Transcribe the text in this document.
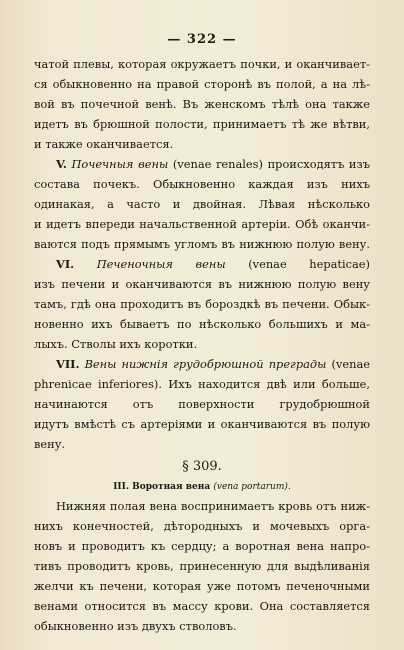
— 322 —
чатой плевы, которая окружаетъ почки, и оканчивает-
ся обыкновенно на правой сторонѣ въ полой, а на лѣ-
вой въ почечной венѣ. Въ женскомъ тѣлѣ она также
идетъ въ брюшной полости, принимаетъ тѣ же вѣтви,
и также оканчивается.
V. Почечныя вены (venae renales) происходятъ изъ
состава почекъ. Обыкновенно каждая изъ нихъ
одинакая, а часто и двойная. Лѣвая нѣсколько
и идетъ впереди начальственной артеріи. Обѣ оканчи-
ваются подъ прямымъ угломъ въ нижнюю полую вену.
VI. Печеночныя вены (venae hepaticae)
изъ печени и оканчиваются въ нижнюю полую вену
тамъ, гдѣ она проходитъ въ бороздкѣ въ печени. Обык-
новенно ихъ бываетъ по нѣсколько большихъ и ма-
лыхъ. Стволы ихъ коротки.
VII. Вены нижнія грудобрюшной преграды (venae
phrenicae inferiores). Ихъ находится двѣ или больше,
начинаются отъ поверхности грудобрюшной
идутъ вмѣстѣ съ артеріями и оканчиваются въ полую
вену.
§ 309.
III. Воротная вена (vena portarum).
Нижняя полая вена воспринимаетъ кровь отъ ниж-
нихъ конечностей, дѣтородныхъ и мочевыхъ орга-
новъ и проводитъ къ сердцу; а воротная вена напро-
тивъ проводитъ кровь, принесенную для выдѣливанія
желчи къ печени, которая уже потомъ печеночными
венами относится въ массу крови. Она составляется
обыкновенно изъ двухъ стволовъ.
